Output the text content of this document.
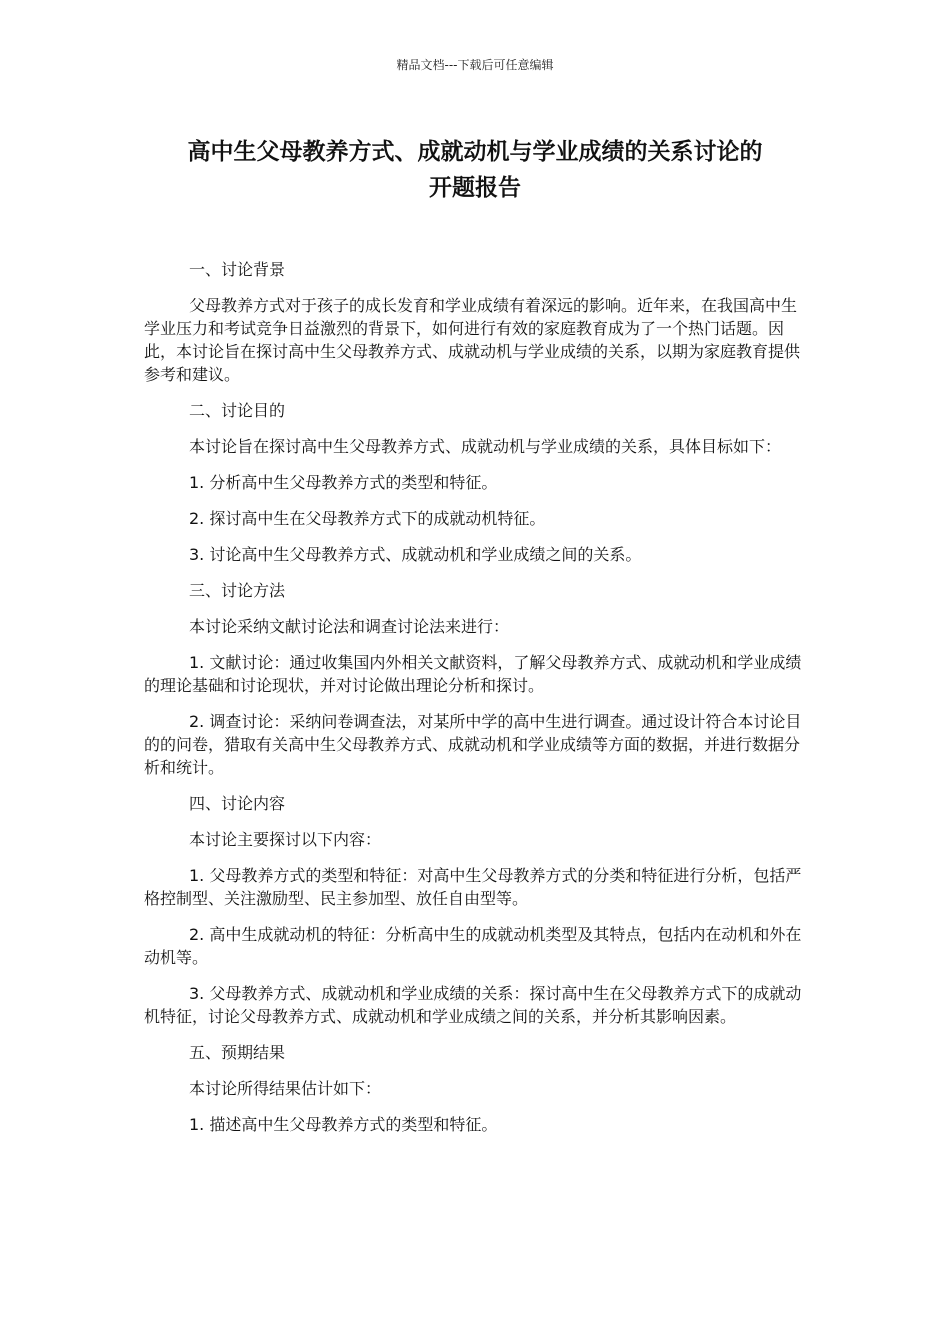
精品文档---下载后可任意编辑
高中生父母教养方式、成就动机与学业成绩的关系讨论的
开题报告

一、讨论背景

父母教养方式对于孩子的成长发育和学业成绩有着深远的影响。近年来，在我国高中生学业压力和考试竞争日益激烈的背景下，如何进行有效的家庭教育成为了一个热门话题。因此，本讨论旨在探讨高中生父母教养方式、成就动机与学业成绩的关系，以期为家庭教育提供参考和建议。

二、讨论目的

本讨论旨在探讨高中生父母教养方式、成就动机与学业成绩的关系，具体目标如下：

1. 分析高中生父母教养方式的类型和特征。

2. 探讨高中生在父母教养方式下的成就动机特征。

3. 讨论高中生父母教养方式、成就动机和学业成绩之间的关系。

三、讨论方法

本讨论采纳文献讨论法和调查讨论法来进行：

1. 文献讨论：通过收集国内外相关文献资料，了解父母教养方式、成就动机和学业成绩的理论基础和讨论现状，并对讨论做出理论分析和探讨。

2. 调查讨论：采纳问卷调查法，对某所中学的高中生进行调查。通过设计符合本讨论目的的问卷，猎取有关高中生父母教养方式、成就动机和学业成绩等方面的数据，并进行数据分析和统计。

四、讨论内容

本讨论主要探讨以下内容：

1. 父母教养方式的类型和特征：对高中生父母教养方式的分类和特征进行分析，包括严格控制型、关注激励型、民主参加型、放任自由型等。

2. 高中生成就动机的特征：分析高中生的成就动机类型及其特点，包括内在动机和外在动机等。

3. 父母教养方式、成就动机和学业成绩的关系：探讨高中生在父母教养方式下的成就动机特征，讨论父母教养方式、成就动机和学业成绩之间的关系，并分析其影响因素。

五、预期结果

本讨论所得结果估计如下：

1. 描述高中生父母教养方式的类型和特征。
